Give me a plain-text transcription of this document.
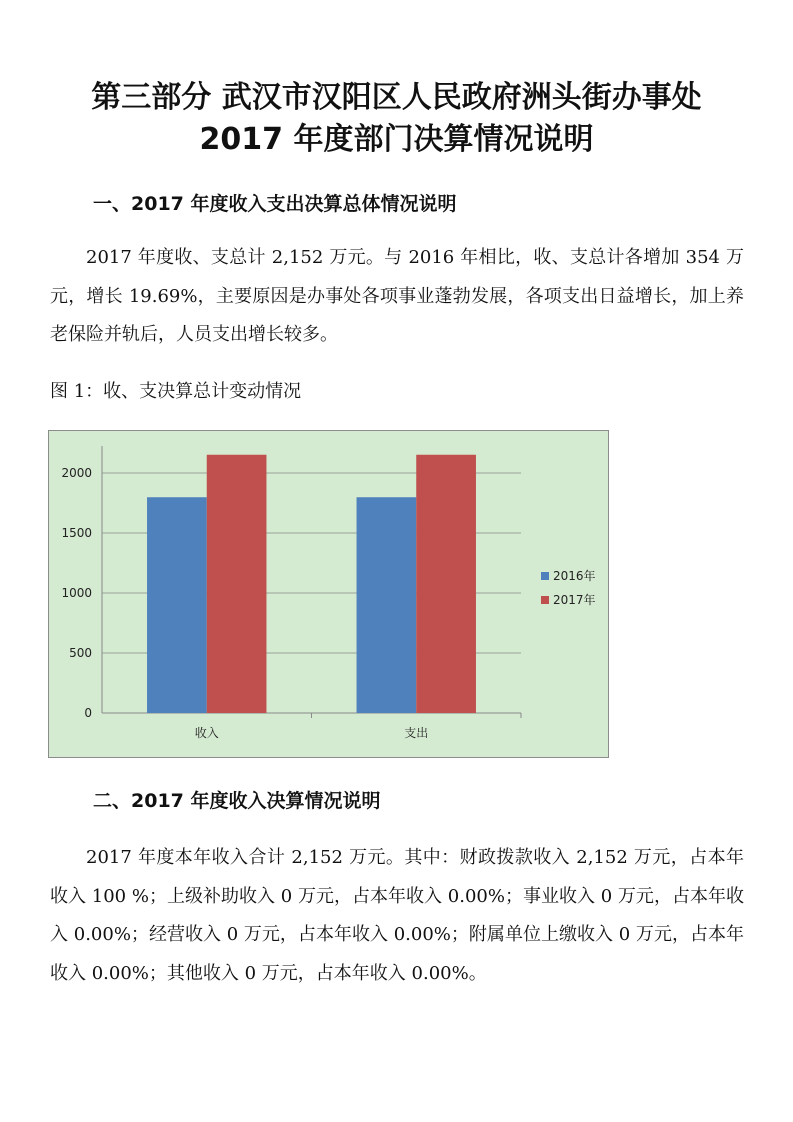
第三部分 武汉市汉阳区人民政府洲头街办事处
2017 年度部门决算情况说明
一、2017 年度收入支出决算总体情况说明

2017 年度收、支总计 2,152 万元。与 2016 年相比，收、支总计各增加 354 万元，增长 19.69%，主要原因是办事处各项事业蓬勃发展，各项支出日益增长，加上养老保险并轨后，人员支出增长较多。

图 1：收、支决算总计变动情况

0
500
1000
1500
2000
收入	支出
2016年
2017年
二、2017 年度收入决算情况说明

2017 年度本年收入合计 2,152 万元。其中：财政拨款收入 2,152 万元，占本年收入 100 %；上级补助收入 0 万元，占本年收入 0.00%；事业收入 0 万元，占本年收入 0.00%；经营收入 0 万元，占本年收入 0.00%；附属单位上缴收入 0 万元，占本年收入 0.00%；其他收入 0 万元，占本年收入 0.00%。
